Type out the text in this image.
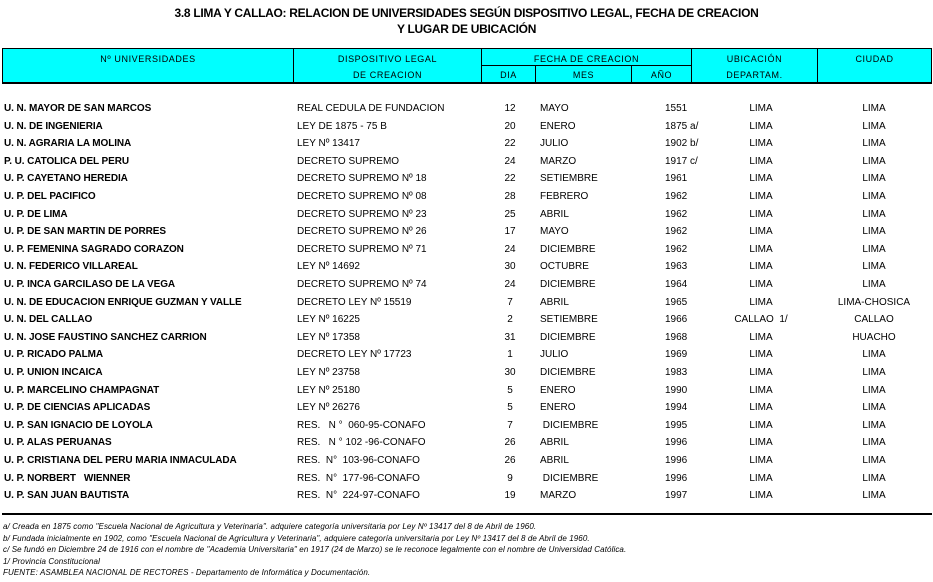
3.8 LIMA Y CALLAO: RELACION DE UNIVERSIDADES SEGÚN DISPOSITIVO LEGAL, FECHA DE CREACION
Y LUGAR DE UBICACIÓN
Nº UNIVERSIDADES	DISPOSITIVO LEGAL
DE CREACION
FECHA DE CREACION
DIA	MES	AÑO
UBICACIÓN
DEPARTAM.
CIUDAD
U. N. MAYOR DE SAN MARCOS	REAL CEDULA DE FUNDACION	12	MAYO	1551	LIMA	LIMA
U. N. DE INGENIERIA	LEY DE 1875 - 75 B	20	ENERO	1875 a/	LIMA	LIMA
U. N. AGRARIA LA MOLINA	LEY Nº 13417	22	JULIO	1902 b/	LIMA	LIMA
P. U. CATOLICA DEL PERU	DECRETO SUPREMO	24	MARZO	1917 c/	LIMA	LIMA
U. P. CAYETANO HEREDIA	DECRETO SUPREMO Nº 18	22	SETIEMBRE	1961	LIMA	LIMA
U. P. DEL PACIFICO	DECRETO SUPREMO Nº 08	28	FEBRERO	1962	LIMA	LIMA
U. P. DE LIMA	DECRETO SUPREMO Nº 23	25	ABRIL	1962	LIMA	LIMA
U. P. DE SAN MARTIN DE PORRES	DECRETO SUPREMO Nº 26	17	MAYO	1962	LIMA	LIMA
U. P. FEMENINA SAGRADO CORAZON	DECRETO SUPREMO Nº 71	24	DICIEMBRE	1962	LIMA	LIMA
U. N. FEDERICO VILLAREAL	LEY Nº 14692	30	OCTUBRE	1963	LIMA	LIMA
U. P. INCA GARCILASO DE LA VEGA	DECRETO SUPREMO Nº 74	24	DICIEMBRE	1964	LIMA	LIMA
U. N. DE EDUCACION ENRIQUE GUZMAN Y VALLE	DECRETO LEY Nº 15519	7	ABRIL	1965	LIMA	LIMA-CHOSICA
U. N. DEL CALLAO	LEY Nº 16225	2	SETIEMBRE	1966	CALLAO  1/	CALLAO
U. N. JOSE FAUSTINO SANCHEZ CARRION	LEY Nº 17358	31	DICIEMBRE	1968	LIMA	HUACHO
U. P. RICADO PALMA	DECRETO LEY Nº 17723	1	JULIO	1969	LIMA	LIMA
U. P. UNION INCAICA	LEY Nº 23758	30	DICIEMBRE	1983	LIMA	LIMA
U. P. MARCELINO CHAMPAGNAT	LEY Nº 25180	5	ENERO	1990	LIMA	LIMA
U. P. DE CIENCIAS APLICADAS	LEY Nº 26276	5	ENERO	1994	LIMA	LIMA
U. P. SAN IGNACIO DE LOYOLA	RES.   N °  060-95-CONAFO	7	DICIEMBRE	1995	LIMA	LIMA
U. P. ALAS PERUANAS	RES.   N ° 102 -96-CONAFO	26	ABRIL	1996	LIMA	LIMA
U. P. CRISTIANA DEL PERU MARIA INMACULADA	RES.  N°  103-96-CONAFO	26	ABRIL	1996	LIMA	LIMA
U. P. NORBERT   WIENNER	RES.  N°  177-96-CONAFO	9	DICIEMBRE	1996	LIMA	LIMA
U. P. SAN JUAN BAUTISTA	RES.  N°  224-97-CONAFO	19	MARZO	1997	LIMA	LIMA
a/ Creada en 1875 como "Escuela Nacional de Agricultura y Veterinaria". adquiere categoría universitaria por Ley Nº 13417 del 8 de Abril de 1960.
b/ Fundada inicialmente en 1902, como "Escuela Nacional de Agricultura y Veterinaria", adquiere categoría universitaria por Ley Nº 13417 del 8 de Abril de 1960.
c/ Se fundó en Diciembre 24 de 1916 con el nombre de "Academia Universitaria" en 1917 (24 de Marzo) se le reconoce legalmente con el nombre de Universidad Católica.
1/ Provincia Constitucional
FUENTE: ASAMBLEA NACIONAL DE RECTORES - Departamento de Informática y Documentación.
